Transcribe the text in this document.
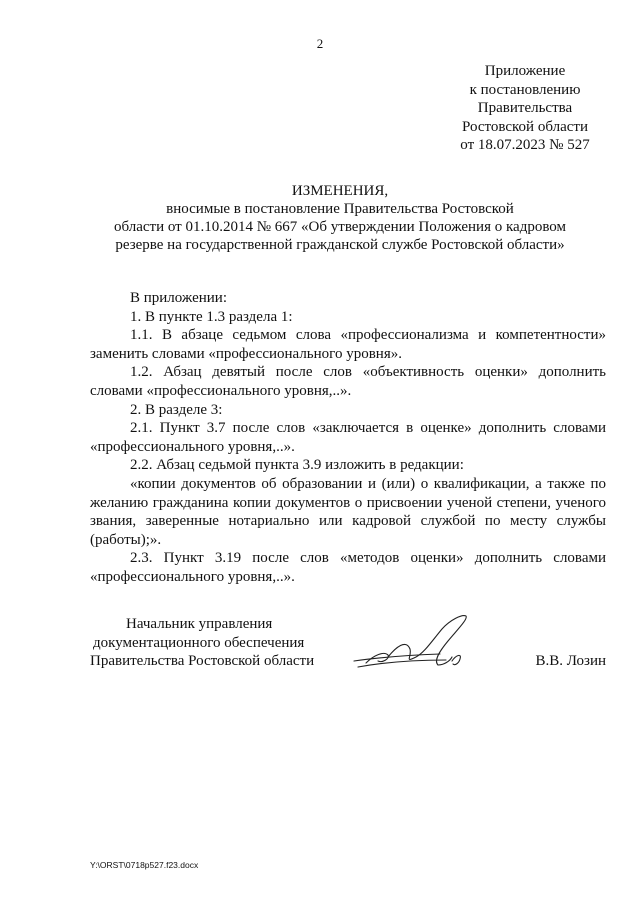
2
Приложение
к постановлению
Правительства
Ростовской области
от 18.07.2023 № 527
ИЗМЕНЕНИЯ,
вносимые в постановление Правительства Ростовской
области от 01.10.2014 № 667 «Об утверждении Положения о кадровом
резерве на государственной гражданской службе Ростовской области»

В приложении:

1. В пункте 1.3 раздела 1:

1.1. В абзаце седьмом слова «профессионализма и компетентности» заменить словами «профессионального уровня».

1.2. Абзац девятый после слов «объективность оценки» дополнить словами «профессионального уровня,..».

2. В разделе 3:

2.1. Пункт 3.7 после слов «заключается в оценке» дополнить словами «профессионального уровня,..».

2.2. Абзац седьмой пункта 3.9 изложить в редакции:

«копии документов об образовании и (или) о квалификации, а также по желанию гражданина копии документов о присвоении ученой степени, ученого звания, заверенные нотариально или кадровой службой по месту службы (работы);».

2.3. Пункт 3.19 после слов «методов оценки» дополнить словами «профессионального уровня,..».

Начальник управления
документационного обеспечения
Правительства Ростовской области	В.В. Лозин
Y:\ORST\0718p527.f23.docx
